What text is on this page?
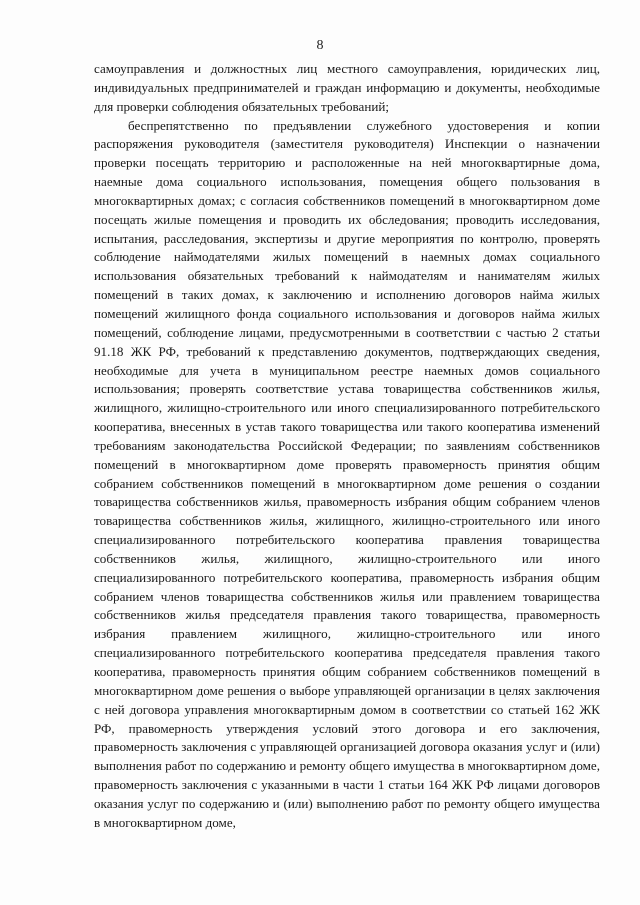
8

самоуправления и должностных лиц местного самоуправления, юридических лиц, индивидуальных предпринимателей и граждан информацию и документы, необходимые для проверки соблюдения обязательных требований;

беспрепятственно по предъявлении служебного удостоверения и копии распоряжения руководителя (заместителя руководителя) Инспекции о назначении проверки посещать территорию и расположенные на ней многоквартирные дома, наемные дома социального использования, помещения общего пользования в многоквартирных домах; с согласия собственников помещений в многоквартирном доме посещать жилые помещения и проводить их обследования; проводить исследования, испытания, расследования, экспертизы и другие мероприятия по контролю, проверять соблюдение наймодателями жилых помещений в наемных домах социального использования обязательных требований к наймодателям и нанимателям жилых помещений в таких домах, к заключению и исполнению договоров найма жилых помещений жилищного фонда социального использования и договоров найма жилых помещений, соблюдение лицами, предусмотренными в соответствии с частью 2 статьи 91.18 ЖК РФ, требований к представлению документов, подтверждающих сведения, необходимые для учета в муниципальном реестре наемных домов социального использования; проверять соответствие устава товарищества собственников жилья, жилищного, жилищно-строительного или иного специализированного потребительского кооператива, внесенных в устав такого товарищества или такого кооператива изменений требованиям законодательства Российской Федерации; по заявлениям собственников помещений в многоквартирном доме проверять правомерность принятия общим собранием собственников помещений в многоквартирном доме решения о создании товарищества собственников жилья, правомерность избрания общим собранием членов товарищества собственников жилья, жилищного, жилищно-строительного или иного специализированного потребительского кооператива правления товарищества собственников жилья, жилищного, жилищно-строительного или иного специализированного потребительского кооператива, правомерность избрания общим собранием членов товарищества собственников жилья или правлением товарищества собственников жилья председателя правления такого товарищества, правомерность избрания правлением жилищного, жилищно-строительного или иного специализированного потребительского кооператива председателя правления такого кооператива, правомерность принятия общим собранием собственников помещений в многоквартирном доме решения о выборе управляющей организации в целях заключения с ней договора управления многоквартирным домом в соответствии со статьей 162 ЖК РФ, правомерность утверждения условий этого договора и его заключения, правомерность заключения с управляющей организацией договора оказания услуг и (или) выполнения работ по содержанию и ремонту общего имущества в многоквартирном доме, правомерность заключения с указанными в части 1 статьи 164 ЖК РФ лицами договоров оказания услуг по содержанию и (или) выполнению работ по ремонту общего имущества в многоквартирном доме,
